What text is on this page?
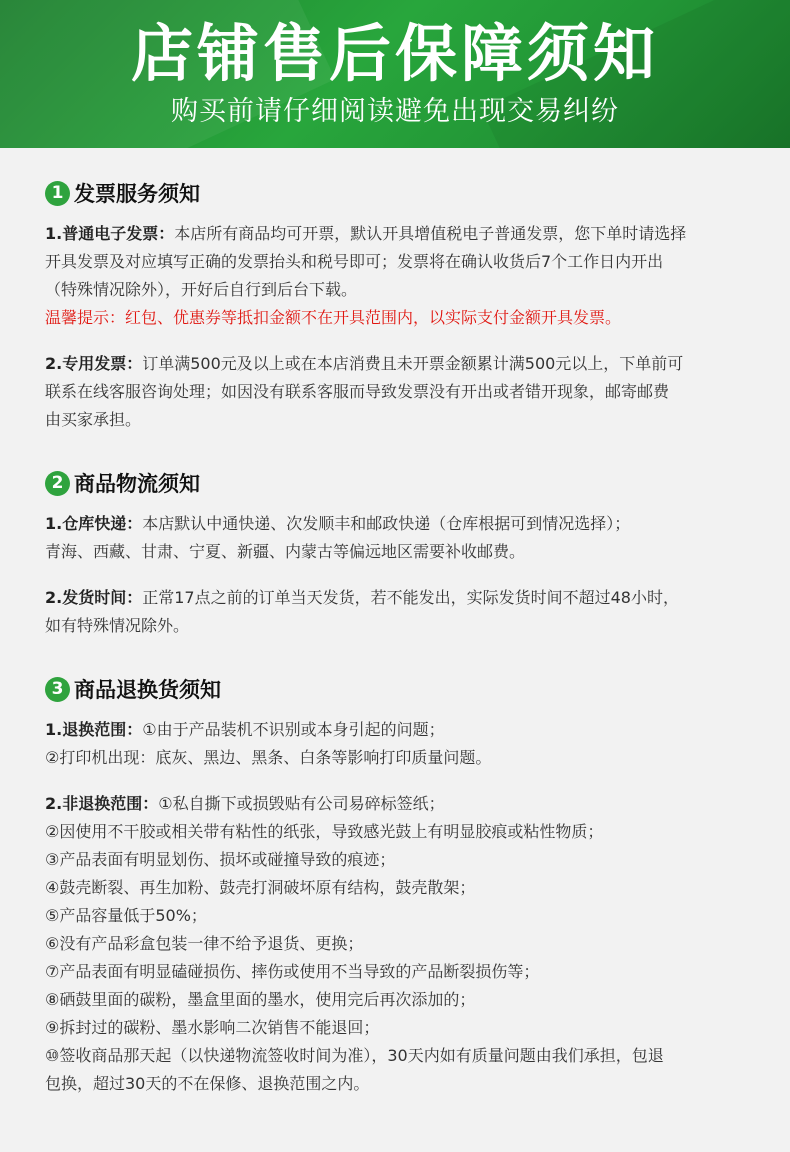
店铺售后保障须知
购买前请仔细阅读避免出现交易纠纷
1 发票服务须知
1.普通电子发票：本店所有商品均可开票，默认开具增值税电子普通发票，您下单时请选择
开具发票及对应填写正确的发票抬头和税号即可；发票将在确认收货后7个工作日内开出
（特殊情况除外），开好后自行到后台下载。
温馨提示：红包、优惠券等抵扣金额不在开具范围内，以实际支付金额开具发票。
2.专用发票：订单满500元及以上或在本店消费且未开票金额累计满500元以上，下单前可
联系在线客服咨询处理；如因没有联系客服而导致发票没有开出或者错开现象，邮寄邮费
由买家承担。
2 商品物流须知
1.仓库快递：本店默认中通快递、次发顺丰和邮政快递（仓库根据可到情况选择）；
青海、西藏、甘肃、宁夏、新疆、内蒙古等偏远地区需要补收邮费。
2.发货时间：正常17点之前的订单当天发货，若不能发出，实际发货时间不超过48小时，
如有特殊情况除外。
3 商品退换货须知
1.退换范围：①由于产品装机不识别或本身引起的问题；
②打印机出现：底灰、黑边、黑条、白条等影响打印质量问题。
2.非退换范围：①私自撕下或损毁贴有公司易碎标签纸；
②因使用不干胶或相关带有粘性的纸张，导致感光鼓上有明显胶痕或粘性物质；
③产品表面有明显划伤、损坏或碰撞导致的痕迹；
④鼓壳断裂、再生加粉、鼓壳打洞破坏原有结构，鼓壳散架；
⑤产品容量低于50%；
⑥没有产品彩盒包装一律不给予退货、更换；
⑦产品表面有明显磕碰损伤、摔伤或使用不当导致的产品断裂损伤等；
⑧硒鼓里面的碳粉，墨盒里面的墨水，使用完后再次添加的；
⑨拆封过的碳粉、墨水影响二次销售不能退回；
⑩签收商品那天起（以快递物流签收时间为准），30天内如有质量问题由我们承担，包退
包换，超过30天的不在保修、退换范围之内。
